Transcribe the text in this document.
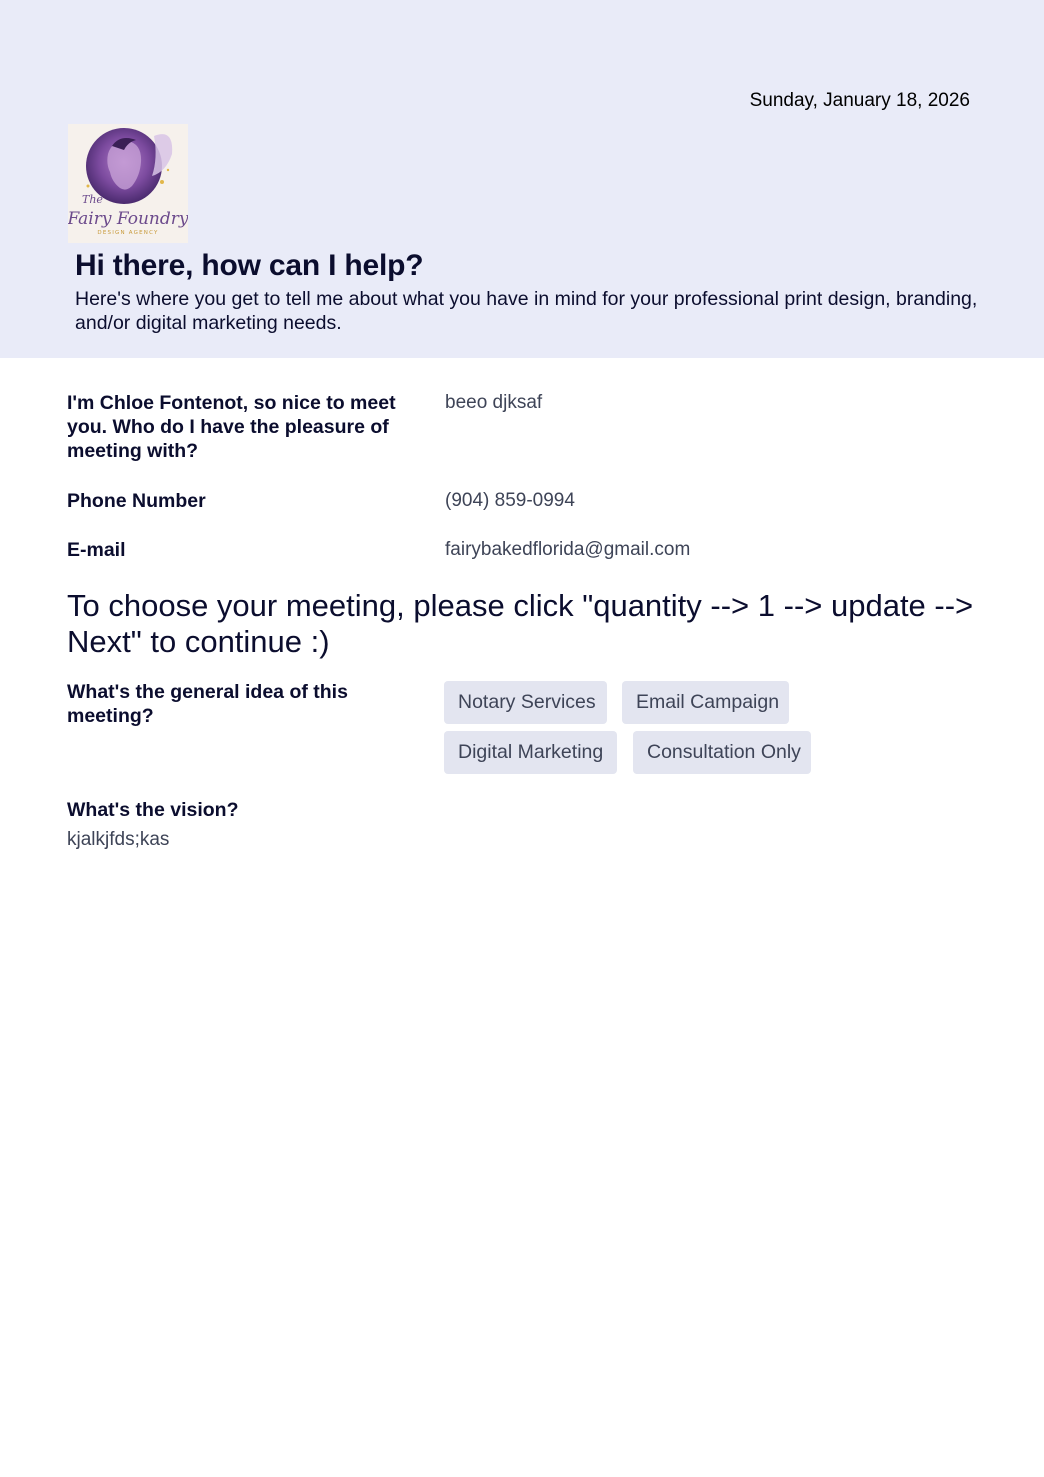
Sunday, January 18, 2026
The
Fairy Foundry
DESIGN AGENCY
Hi there, how can I help?

Here's where you get to tell me about what you have in mind for your professional print design, branding, and/or digital marketing needs.

I'm Chloe Fontenot, so nice to meet you. Who do I have the pleasure of meeting with?
beeo djksaf
Phone Number	(904) 859-0994
E-mail	fairybakedflorida@gmail.com
To choose your meeting, please click "quantity --> 1 --> update --> Next" to continue :)
What's the general idea of this meeting?
Notary Services	Email Campaign
Digital Marketing	Consultation Only
What's the vision?
kjalkjfds;kas
